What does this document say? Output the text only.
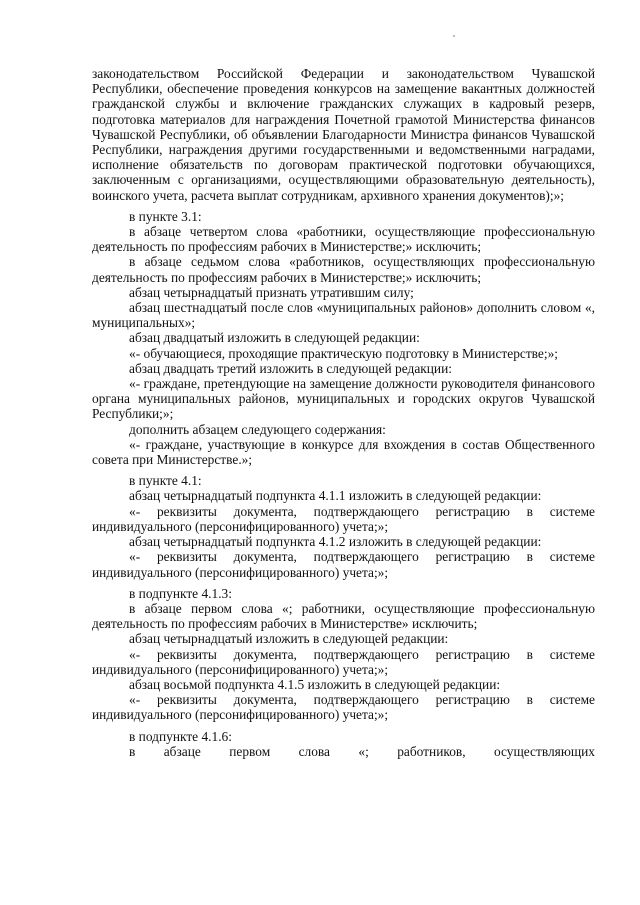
законодательством Российской Федерации и законодательством Чувашской Республики, обеспечение проведения конкурсов на замещение вакантных должностей гражданской службы и включение гражданских служащих в кадровый резерв, подготовка материалов для награждения Почетной грамотой Министерства финансов Чувашской Республики, об объявлении Благодарности Министра финансов Чувашской Республики, награждения другими государственными и ведомственными наградами, исполнение обязательств по договорам практической подготовки обучающихся, заключенным с организациями, осуществляющими образовательную деятельность), воинского учета, расчета выплат сотрудникам, архивного хранения документов);»;

в пункте 3.1:

в абзаце четвертом слова «работники, осуществляющие профессиональную деятельность по профессиям рабочих в Министерстве;» исключить;

в абзаце седьмом слова «работников, осуществляющих профессиональную деятельность по профессиям рабочих в Министерстве;» исключить;

абзац четырнадцатый признать утратившим силу;

абзац шестнадцатый после слов «муниципальных районов» дополнить словом «, муниципальных»;

абзац двадцатый изложить в следующей редакции:

«- обучающиеся, проходящие практическую подготовку в Министерстве;»;

абзац двадцать третий изложить в следующей редакции:

«- граждане, претендующие на замещение должности руководителя финансового органа муниципальных районов, муниципальных и городских округов Чувашской Республики;»;

дополнить абзацем следующего содержания:

«- граждане, участвующие в конкурсе для вхождения в состав Общественного совета при Министерстве.»;

в пункте 4.1:

абзац четырнадцатый подпункта 4.1.1 изложить в следующей редакции:

«- реквизиты документа, подтверждающего регистрацию в системе индивидуального (персонифицированного) учета;»;

абзац четырнадцатый подпункта 4.1.2 изложить в следующей редакции:

«- реквизиты документа, подтверждающего регистрацию в системе индивидуального (персонифицированного) учета;»;

в подпункте 4.1.3:

в абзаце первом слова «; работники, осуществляющие профессиональную деятельность по профессиям рабочих в Министерстве» исключить;

абзац четырнадцатый изложить в следующей редакции:

«- реквизиты документа, подтверждающего регистрацию в системе индивидуального (персонифицированного) учета;»;

абзац восьмой подпункта 4.1.5 изложить в следующей редакции:

«- реквизиты документа, подтверждающего регистрацию в системе индивидуального (персонифицированного) учета;»;

в подпункте 4.1.6:

в абзаце первом слова «; работников, осуществляющих
